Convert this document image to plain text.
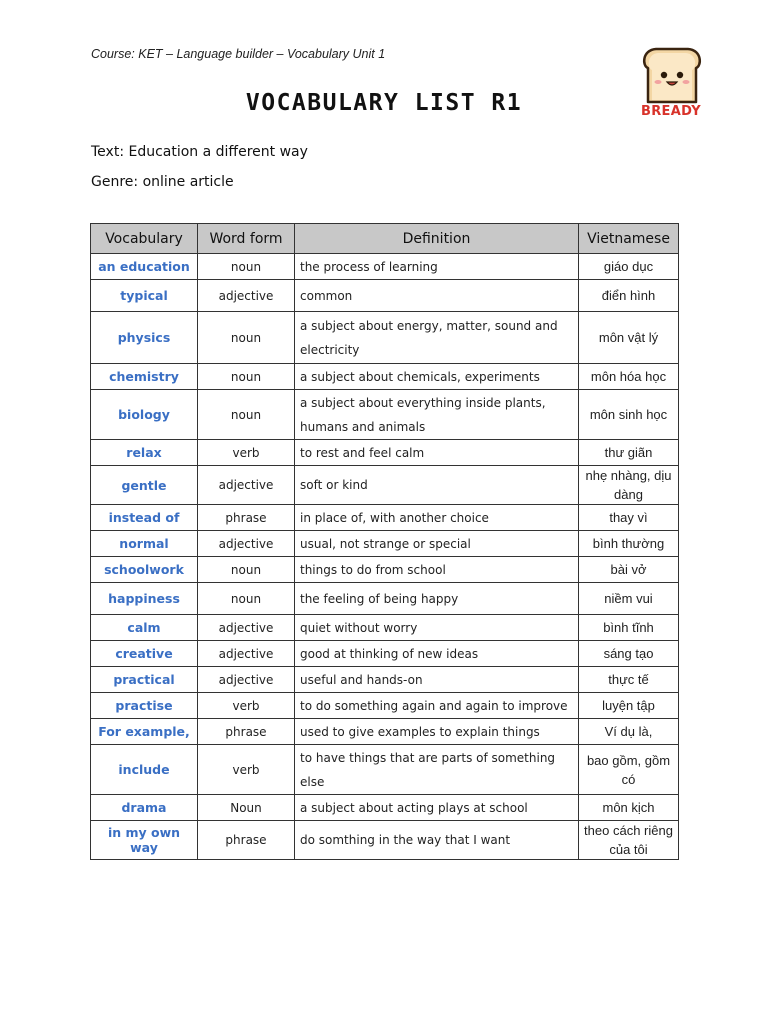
Course: KET – Language builder – Vocabulary Unit 1
BREADY
VOCABULARY LIST R1
Text: Education a different way
Genre: online article
Vocabulary	Word form	Definition	Vietnamese
an education	noun	the process of learning	giáo dục
typical	adjective	common	điển hình
physics	noun	a subject about energy, matter, sound and electricity	môn vật lý
chemistry	noun	a subject about chemicals, experiments	môn hóa học
biology	noun	a subject about everything inside plants, humans and animals	môn sinh học
relax	verb	to rest and feel calm	thư giãn
gentle	adjective	soft or kind	nhẹ nhàng, dịu dàng
instead of	phrase	in place of, with another choice	thay vì
normal	adjective	usual, not strange or special	bình thường
schoolwork	noun	things to do from school	bài vở
happiness	noun	the feeling of being happy	niềm vui
calm	adjective	quiet without worry	bình tĩnh
creative	adjective	good at thinking of new ideas	sáng tạo
practical	adjective	useful and hands-on	thực tế
practise	verb	to do something again and again to improve	luyện tập
For example,	phrase	used to give examples to explain things	Ví dụ là,
include	verb	to have things that are parts of something else	bao gồm, gồm có
drama	Noun	a subject about acting plays at school	môn kịch
in my own way	phrase	do somthing in the way that I want	theo cách riêng của tôi
